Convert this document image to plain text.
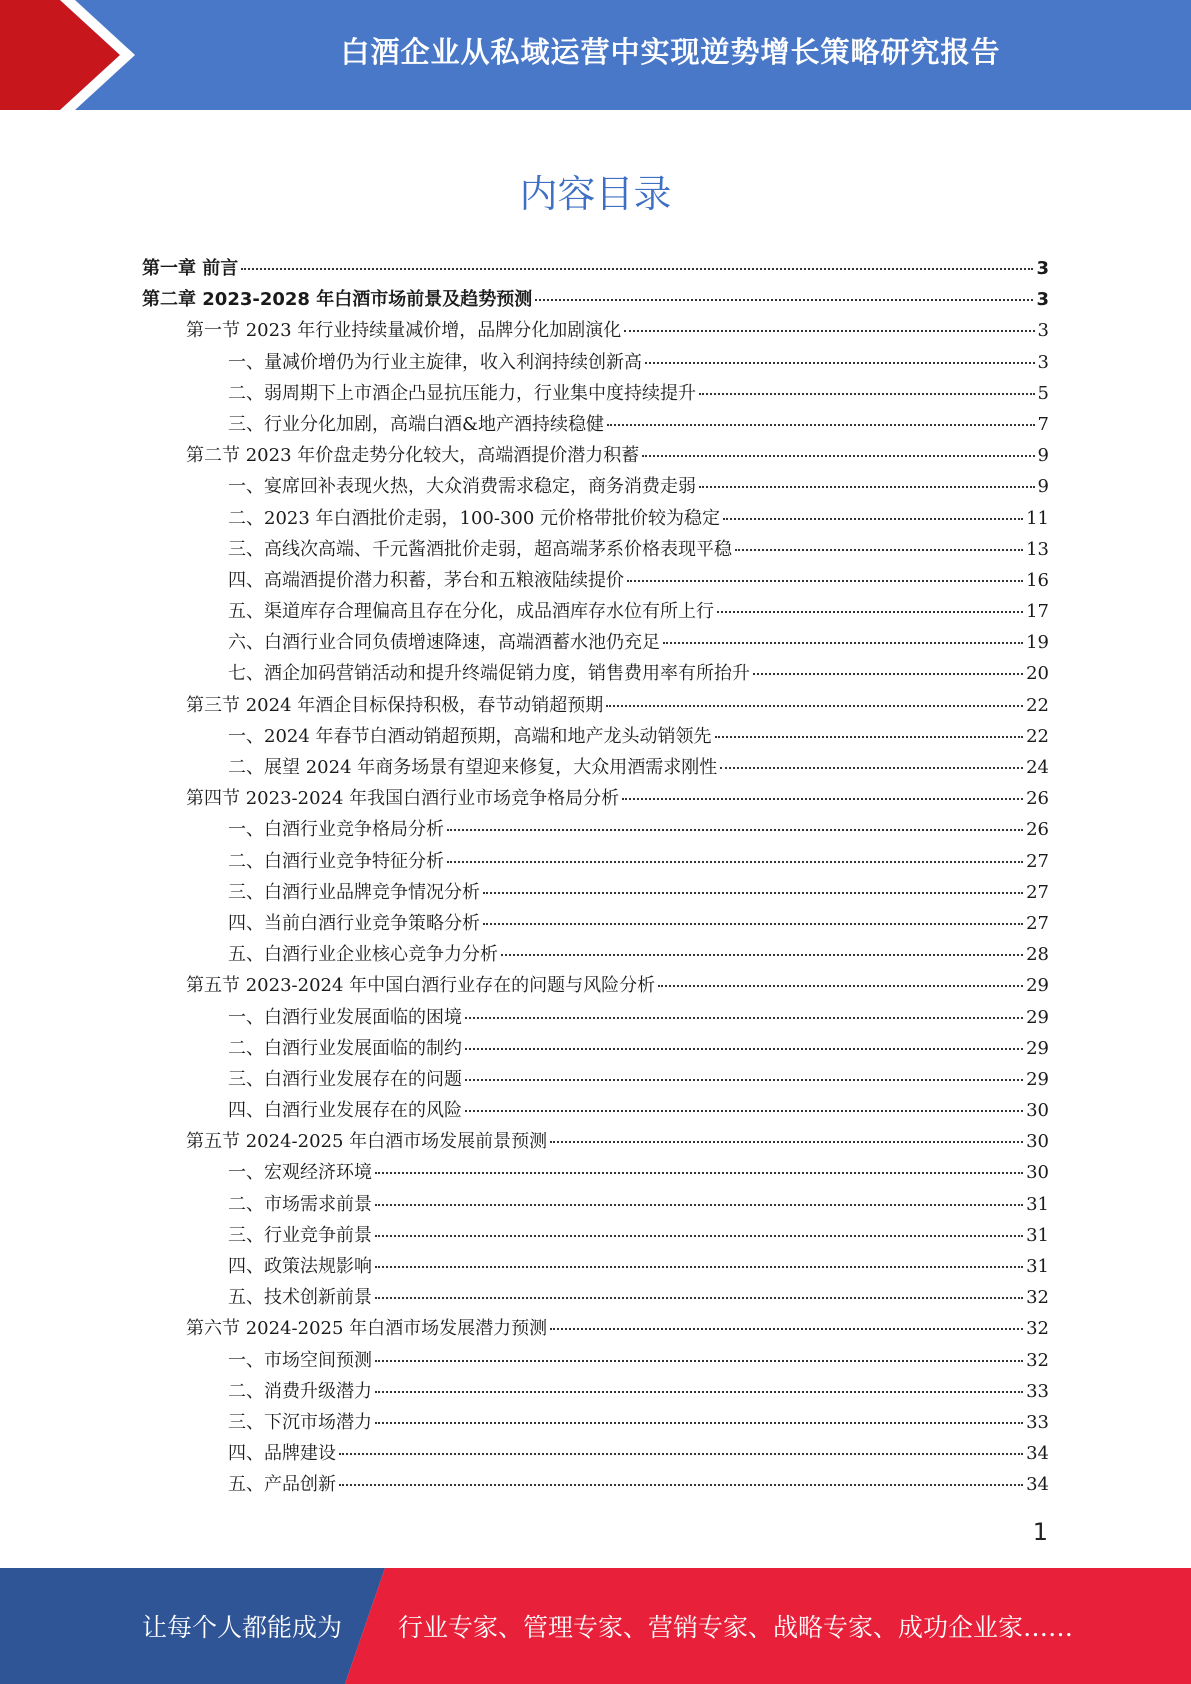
白酒企业从私域运营中实现逆势增长策略研究报告
内容目录
第一章 前言	3
第二章 2023-2028 年白酒市场前景及趋势预测	3
第一节 2023 年行业持续量减价增，品牌分化加剧演化	3
一、量减价增仍为行业主旋律，收入利润持续创新高	3
二、弱周期下上市酒企凸显抗压能力，行业集中度持续提升	5
三、行业分化加剧，高端白酒&地产酒持续稳健	7
第二节 2023 年价盘走势分化较大，高端酒提价潜力积蓄	9
一、宴席回补表现火热，大众消费需求稳定，商务消费走弱	9
二、2023 年白酒批价走弱，100-300 元价格带批价较为稳定	11
三、高线次高端、千元酱酒批价走弱，超高端茅系价格表现平稳	13
四、高端酒提价潜力积蓄，茅台和五粮液陆续提价	16
五、渠道库存合理偏高且存在分化，成品酒库存水位有所上行	17
六、白酒行业合同负债增速降速，高端酒蓄水池仍充足	19
七、酒企加码营销活动和提升终端促销力度，销售费用率有所抬升	20
第三节 2024 年酒企目标保持积极，春节动销超预期	22
一、2024 年春节白酒动销超预期，高端和地产龙头动销领先	22
二、展望 2024 年商务场景有望迎来修复，大众用酒需求刚性	24
第四节 2023-2024 年我国白酒行业市场竞争格局分析	26
一、白酒行业竞争格局分析	26
二、白酒行业竞争特征分析	27
三、白酒行业品牌竞争情况分析	27
四、当前白酒行业竞争策略分析	27
五、白酒行业企业核心竞争力分析	28
第五节 2023-2024 年中国白酒行业存在的问题与风险分析	29
一、白酒行业发展面临的困境	29
二、白酒行业发展面临的制约	29
三、白酒行业发展存在的问题	29
四、白酒行业发展存在的风险	30
第五节 2024-2025 年白酒市场发展前景预测	30
一、宏观经济环境	30
二、市场需求前景	31
三、行业竞争前景	31
四、政策法规影响	31
五、技术创新前景	32
第六节 2024-2025 年白酒市场发展潜力预测	32
一、市场空间预测	32
二、消费升级潜力	33
三、下沉市场潜力	33
四、品牌建设	34
五、产品创新	34
1
让每个人都能成为 行业专家、管理专家、营销专家、战略专家、成功企业家……
